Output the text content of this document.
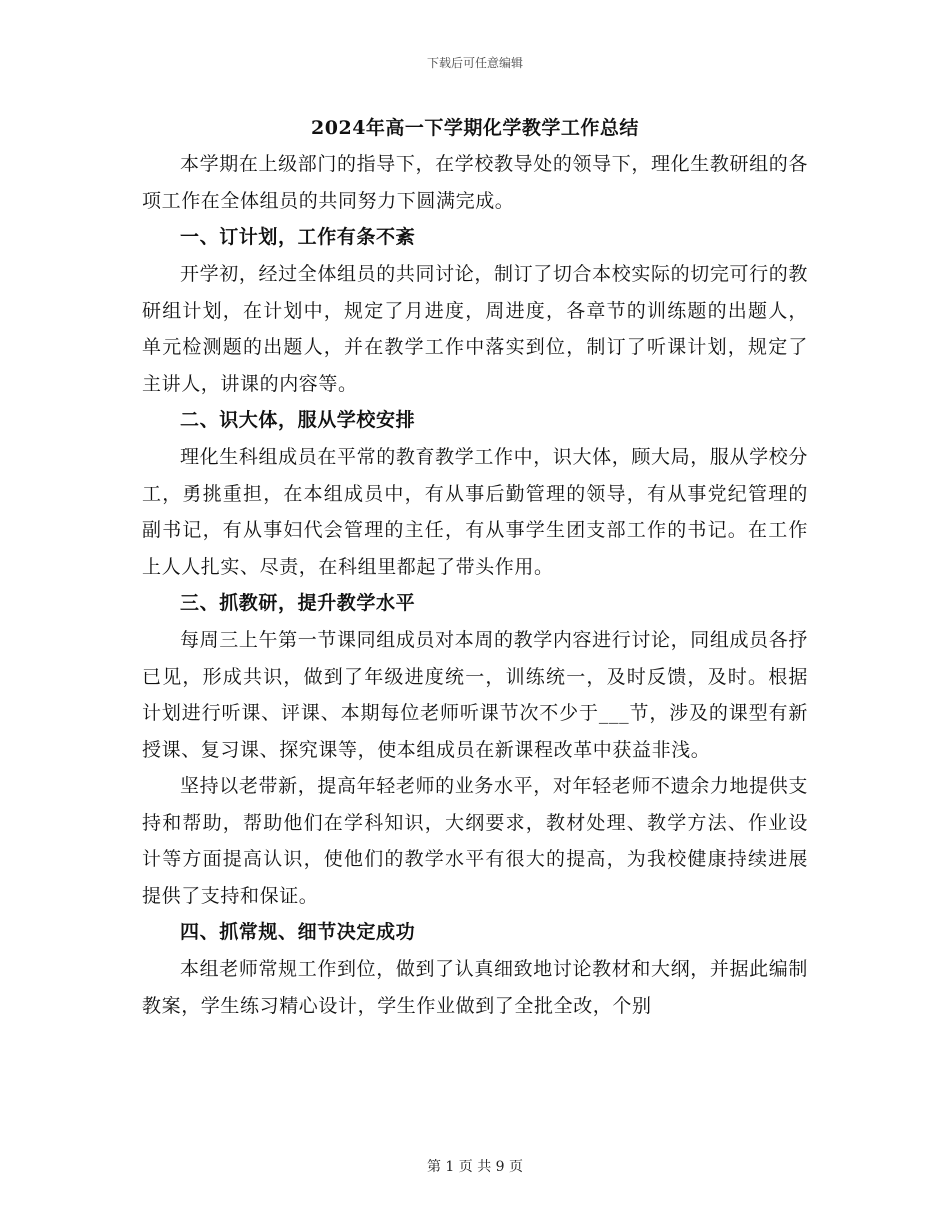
下载后可任意编辑

2024年高一下学期化学教学工作总结

本学期在上级部门的指导下，在学校教导处的领导下，理化生教研组的各项工作在全体组员的共同努力下圆满完成。

一、订计划，工作有条不紊

开学初，经过全体组员的共同讨论，制订了切合本校实际的切完可行的教研组计划，在计划中，规定了月进度，周进度，各章节的训练题的出题人，单元检测题的出题人，并在教学工作中落实到位，制订了听课计划，规定了主讲人，讲课的内容等。

二、识大体，服从学校安排

理化生科组成员在平常的教育教学工作中，识大体，顾大局，服从学校分工，勇挑重担，在本组成员中，有从事后勤管理的领导，有从事党纪管理的副书记，有从事妇代会管理的主任，有从事学生团支部工作的书记。在工作上人人扎实、尽责，在科组里都起了带头作用。

三、抓教研，提升教学水平

每周三上午第一节课同组成员对本周的教学内容进行讨论，同组成员各抒已见，形成共识，做到了年级进度统一，训练统一，及时反馈，及时。根据计划进行听课、评课、本期每位老师听课节次不少于___节，涉及的课型有新授课、复习课、探究课等，使本组成员在新课程改革中获益非浅。

坚持以老带新，提高年轻老师的业务水平，对年轻老师不遗余力地提供支持和帮助，帮助他们在学科知识，大纲要求，教材处理、教学方法、作业设计等方面提高认识，使他们的教学水平有很大的提高，为我校健康持续进展提供了支持和保证。

四、抓常规、细节决定成功

本组老师常规工作到位，做到了认真细致地讨论教材和大纲，并据此编制教案，学生练习精心设计，学生作业做到了全批全改，个别

第 1 页 共 9 页
